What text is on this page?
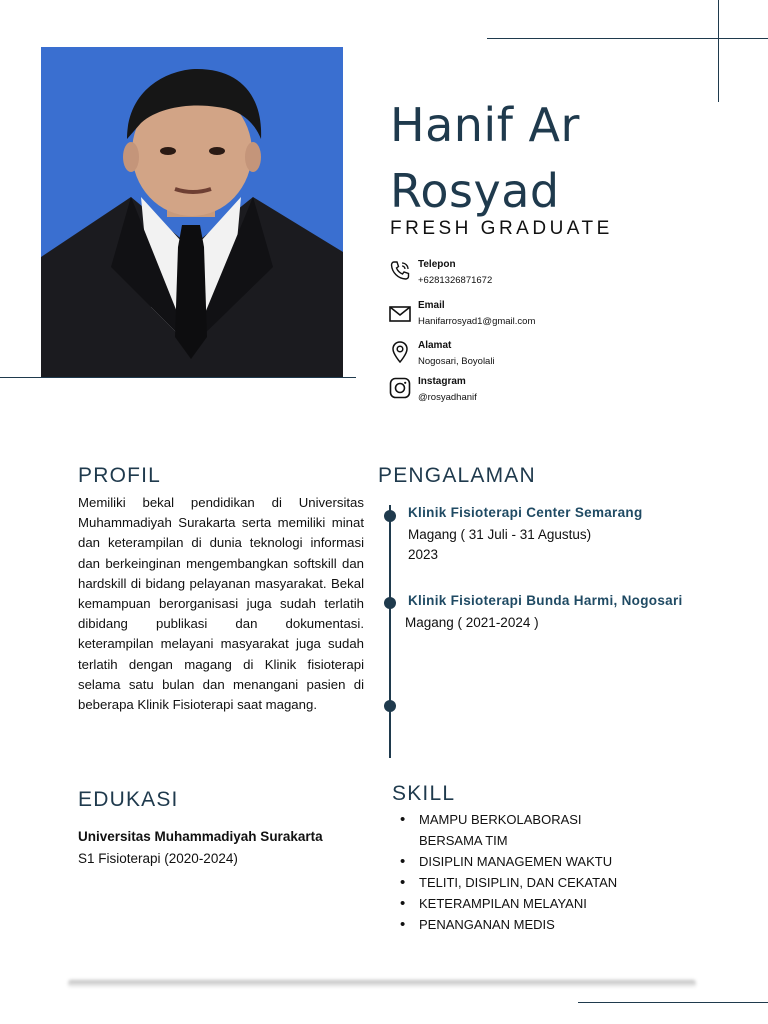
Hanif Ar
Rosyad
FRESH GRADUATE
Telepon
+6281326871672
Email
Hanifarrosyad1@gmail.com
Alamat
Nogosari, Boyolali
Instagram
@rosyadhanif
PROFIL
Memiliki bekal pendidikan di Universitas Muhammadiyah Surakarta serta memiliki minat dan keterampilan di dunia teknologi informasi dan berkeinginan mengembangkan softskill dan hardskill di bidang pelayanan masyarakat. Bekal kemampuan berorganisasi juga sudah terlatih dibidang publikasi dan dokumentasi. keterampilan melayani masyarakat juga sudah terlatih dengan magang di Klinik fisioterapi selama satu bulan dan menangani pasien di beberapa Klinik Fisioterapi saat magang.
PENGALAMAN
Klinik Fisioterapi Center Semarang
Magang ( 31 Juli - 31 Agustus) 2023
Klinik Fisioterapi Bunda Harmi, Nogosari
Magang ( 2021-2024 )
EDUKASI
Universitas Muhammadiyah Surakarta
S1 Fisioterapi (2020-2024)
SKILL
• MAMPU BERKOLABORASI BERSAMA TIM
• DISIPLIN MANAGEMEN WAKTU
• TELITI, DISIPLIN, DAN CEKATAN
• KETERAMPILAN MELAYANI
• PENANGANAN MEDIS
